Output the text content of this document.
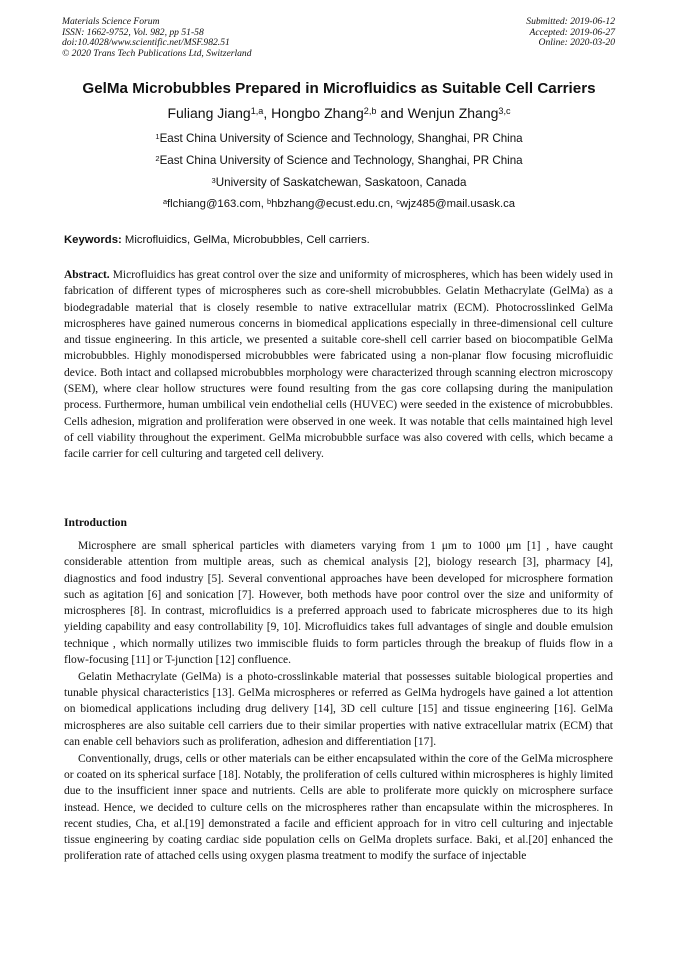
Materials Science Forum
ISSN: 1662-9752, Vol. 982, pp 51-58
doi:10.4028/www.scientific.net/MSF.982.51
© 2020 Trans Tech Publications Ltd, Switzerland
Submitted: 2019-06-12
Accepted: 2019-06-27
Online: 2020-03-20
GelMa Microbubbles Prepared in Microfluidics as Suitable Cell Carriers
Fuliang Jiang$^{1,a}$, Hongbo Zhang$^{2,b}$ and Wenjun Zhang$^{3,c}$
$^1$East China University of Science and Technology, Shanghai, PR China
$^2$East China University of Science and Technology, Shanghai, PR China
$^3$University of Saskatchewan, Saskatoon, Canada
$^a$flchiang@163.com, $^b$hbzhang@ecust.edu.cn, $^c$wjz485@mail.usask.ca
Keywords: Microfluidics, GelMa, Microbubbles, Cell carriers.
Abstract. Microfluidics has great control over the size and uniformity of microspheres, which has been widely used in fabrication of different types of microspheres such as core-shell microbubbles. Gelatin Methacrylate (GelMa) as a biodegradable material that is closely resemble to native extracellular matrix (ECM). Photocrosslinked GelMa microspheres have gained numerous concerns in biomedical applications especially in three-dimensional cell culture and tissue engineering. In this article, we presented a suitable core-shell cell carrier based on biocompatible GelMa microbubbles. Highly monodispersed microbubbles were fabricated using a non-planar flow focusing microfluidic device. Both intact and collapsed microbubbles morphology were characterized through scanning electron microscopy (SEM), where clear hollow structures were found resulting from the gas core collapsing during the manipulation process. Furthermore, human umbilical vein endothelial cells (HUVEC) were seeded in the existence of microbubbles. Cells adhesion, migration and proliferation were observed in one week. It was notable that cells maintained high level of cell viability throughout the experiment. GelMa microbubble surface was also covered with cells, which became a facile carrier for cell culturing and targeted cell delivery.
Introduction

Microsphere are small spherical particles with diameters varying from 1 μm to 1000 μm [1] , have caught considerable attention from multiple areas, such as chemical analysis [2], biology research [3], pharmacy [4], diagnostics and food industry [5]. Several conventional approaches have been developed for microsphere formation such as agitation [6] and sonication [7]. However, both methods have poor control over the size and uniformity of microspheres [8]. In contrast, microfluidics is a preferred approach used to fabricate microspheres due to its high yielding capability and easy controllability [9, 10]. Microfluidics takes full advantages of single and double emulsion technique , which normally utilizes two immiscible fluids to form particles through the breakup of fluids flow in a flow-focusing [11] or T-junction [12] confluence.

Gelatin Methacrylate (GelMa) is a photo-crosslinkable material that possesses suitable biological properties and tunable physical characteristics [13]. GelMa microspheres or referred as GelMa hydrogels have gained a lot attention on biomedical applications including drug delivery [14], 3D cell culture [15] and tissue engineering [16]. GelMa microspheres are also suitable cell carriers due to their similar properties with native extracellular matrix (ECM) that can enable cell behaviors such as proliferation, adhesion and differentiation [17].

Conventionally, drugs, cells or other materials can be either encapsulated within the core of the GelMa microsphere or coated on its spherical surface [18]. Notably, the proliferation of cells cultured within microspheres is highly limited due to the insufficient inner space and nutrients. Cells are able to proliferate more quickly on microsphere surface instead. Hence, we decided to culture cells on the microspheres rather than encapsulate within the microspheres. In recent studies, Cha, et al.[19] demonstrated a facile and efficient approach for in vitro cell culturing and injectable tissue engineering by coating cardiac side population cells on GelMa droplets surface. Baki, et al.[20] enhanced the proliferation rate of attached cells using oxygen plasma treatment to modify the surface of injectable
